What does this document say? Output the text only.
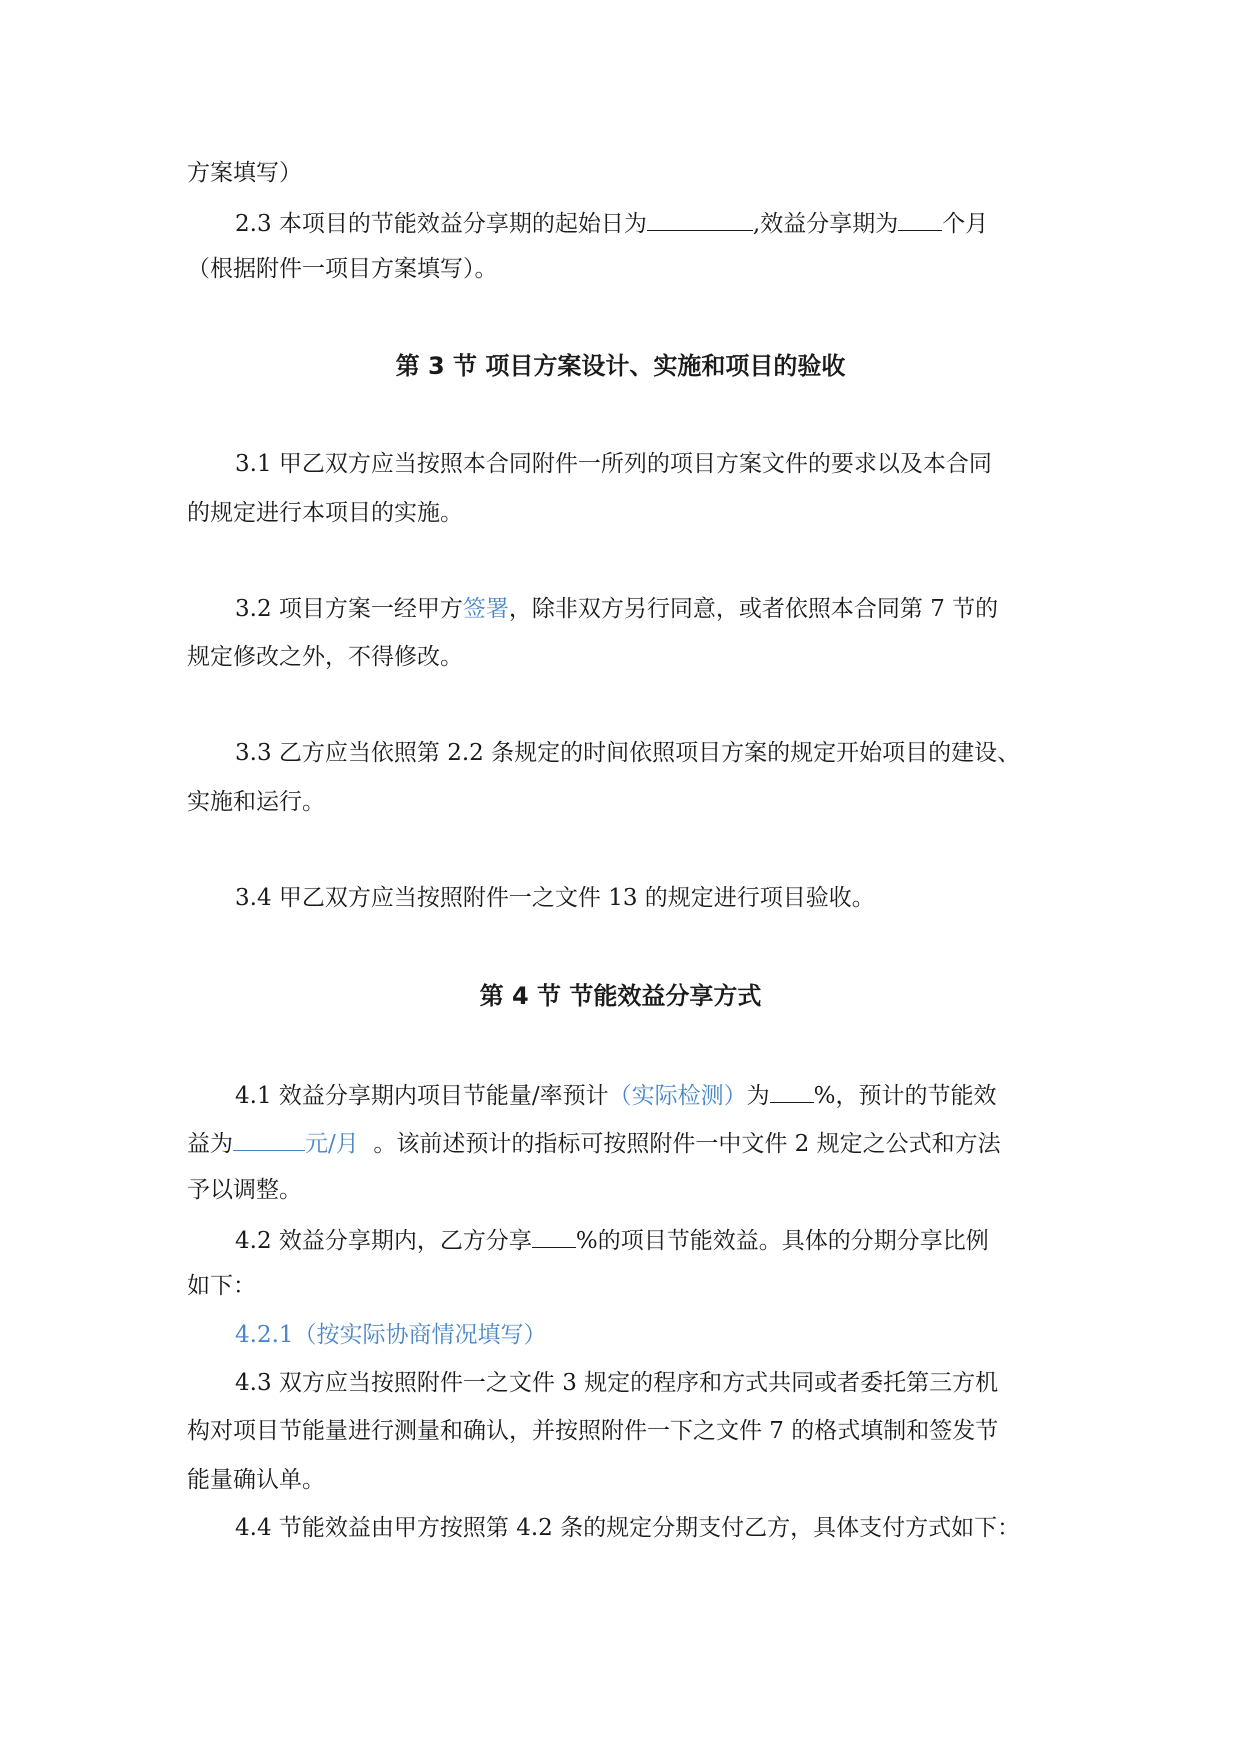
方案填写）
2.3 本项目的节能效益分享期的起始日为	,效益分享期为 个月
（根据附件一项目方案填写）。
第 3 节 项目方案设计、实施和项目的验收
3.1 甲乙双方应当按照本合同附件一所列的项目方案文件的要求以及本合同
的规定进行本项目的实施。
3.2 项目方案一经甲方签署，除非双方另行同意，或者依照本合同第 7 节的
规定修改之外，不得修改。
3.3 乙方应当依照第 2.2 条规定的时间依照项目方案的规定开始项目的建设、
实施和运行。
3.4 甲乙双方应当按照附件一之文件 13 的规定进行项目验收。
第 4 节 节能效益分享方式
4.1 效益分享期内项目节能量/率预计（实际检测）为 %，预计的节能效
益为	元/月 。该前述预计的指标可按照附件一中文件 2 规定之公式和方法
予以调整。
4.2 效益分享期内，乙方分享 %的项目节能效益。具体的分期分享比例
如下：
4.2.1（按实际协商情况填写）
4.3 双方应当按照附件一之文件 3 规定的程序和方式共同或者委托第三方机
构对项目节能量进行测量和确认，并按照附件一下之文件 7 的格式填制和签发节
能量确认单。
4.4 节能效益由甲方按照第 4.2 条的规定分期支付乙方，具体支付方式如下：
